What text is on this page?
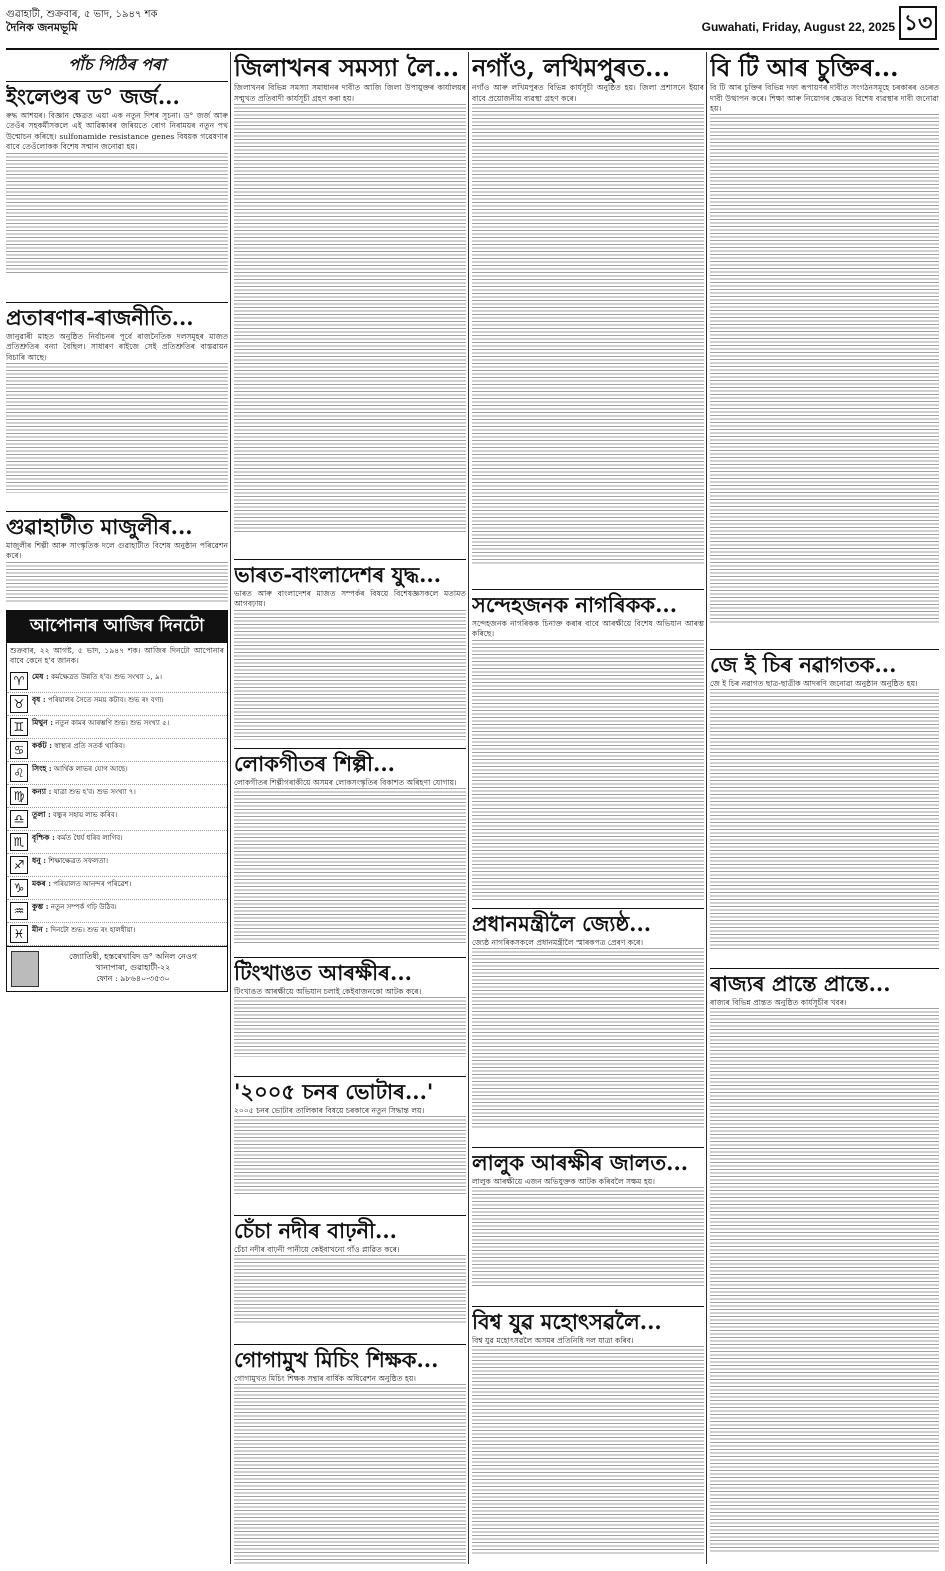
গুৱাহাটী, শুক্ৰবাৰ, ৫ ভাদ, ১৯৪৭ শক
দৈনিক জনমভূমি	Guwahati, Friday, August 22, 2025 ১৩
পাঁচ পিঠিৰ পৰা
ইংলেণ্ডৰ ড° জৰ্জ...
ৰুদ্ধ আশয়ৰ। বিজ্ঞান ক্ষেত্ৰত এয়া এক নতুন দিশৰ সূচনা। ড° জৰ্জ আৰু তেওঁৰ সহকৰ্মীসকলে এই আৱিষ্কাৰৰ জৰিয়তে ৰোগ নিৰাময়ৰ নতুন পথ উন্মোচন কৰিছে। sulfonamide resistance genes বিষয়ক গৱেষণাৰ বাবে তেওঁলোকক বিশেষ সন্মান জনোৱা হয়।
প্ৰতাৰণাৰ-ৰাজনীতি...
জানুৱাৰী মাহত অনুষ্ঠিত নিৰ্বাচনৰ পূৰ্বে ৰাজনৈতিক দলসমূহৰ মাজত প্ৰতিশ্ৰুতিৰ বন্যা বৈছিল। সাধাৰণ ৰাইজে সেই প্ৰতিশ্ৰুতিৰ বাস্তৱায়ন বিচাৰি আছে।
গুৱাহাটীত মাজুলীৰ...
মাজুলীৰ শিল্পী আৰু সাংস্কৃতিক দলে গুৱাহাটীত বিশেষ অনুষ্ঠান পৰিৱেশন কৰে।
আপোনাৰ আজিৰ দিনটো
শুক্ৰবাৰ, ২২ আগষ্ট, ৫ ভাদ, ১৯৪৭ শক। আজিৰ দিনটো আপোনাৰ বাবে কেনে হ'ব জানক।
♈	মেষ : কৰ্মক্ষেত্ৰত উন্নতি হ'ব। শুভ সংখ্যা ১, ৯।
♉	বৃষ : পৰিয়ালৰ সৈতে সময় কটাব। শুভ ৰং বগা।
♊	মিথুন : নতুন কামৰ আৰম্ভণি শুভ। শুভ সংখ্যা ৫।
♋	কৰ্কট : স্বাস্থ্যৰ প্ৰতি সতৰ্ক থাকিব।
♌	সিংহ : আৰ্থিক লাভৰ যোগ আছে।
♍	কন্যা : যাত্ৰা শুভ হ'ব। শুভ সংখ্যা ৭।
♎	তুলা : বন্ধুৰ সহায় লাভ কৰিব।
♏	বৃশ্চিক : কৰ্মত ধৈৰ্য ধৰিব লাগিব।
♐	ধনু : শিক্ষাক্ষেত্ৰত সফলতা।
♑	মকৰ : পৰিয়ালত আনন্দৰ পৰিৱেশ।
♒	কুম্ভ : নতুন সম্পৰ্ক গঢ়ি উঠিব।
♓	মীন : দিনটো শুভ। শুভ ৰং হালধীয়া।
জ্যোতিষী, হস্তৰেখাবিদ ড° অনিল নেওগ
খানাপাৰা, গুৱাহাটী-২২
ফোন : ৯৮৬৪০-৩৫৩০
জিলাখনৰ সমস্যা লৈ...
জিলাখনৰ বিভিন্ন সমস্যা সমাধানৰ দাবীত আজি জিলা উপায়ুক্তৰ কাৰ্যালয়ৰ সন্মুখত প্ৰতিবাদী কাৰ্যসূচী গ্ৰহণ কৰা হয়।
ভাৰত-বাংলাদেশৰ যুদ্ধ...
ভাৰত আৰু বাংলাদেশৰ মাজত সম্পৰ্কৰ বিষয়ে বিশেষজ্ঞসকলে মতামত আগবঢ়ায়।
লোকগীতৰ শিল্পী...
লোকগীতৰ শিল্পীগৰাকীয়ে অসমৰ লোকসংস্কৃতিৰ বিকাশত অৰিহণা যোগায়।
টিংখাঙত আৰক্ষীৰ...
টিংখাঙত আৰক্ষীয়ে অভিযান চলাই কেইবাজনকো আটক কৰে।
'২০০৫ চনৰ ভোটাৰ...'
২০০৫ চনৰ ভোটাৰ তালিকাৰ বিষয়ে চৰকাৰে নতুন সিদ্ধান্ত লয়।
চেঁচা নদীৰ বাঢ়নী...
চেঁচা নদীৰ বাঢ়নী পানীয়ে কেইবাখনো গাঁও প্লাৱিত কৰে।
গোগামুখ মিচিং শিক্ষক...
গোগামুখত মিচিং শিক্ষক সন্থাৰ বাৰ্ষিক অধিৱেশন অনুষ্ঠিত হয়।
নগাঁও, লখিমপুৰত...
নগাঁও আৰু লখিমপুৰত বিভিন্ন কাৰ্যসূচী অনুষ্ঠিত হয়। জিলা প্ৰশাসনে ইয়াৰ বাবে প্ৰয়োজনীয় ব্যৱস্থা গ্ৰহণ কৰে।
সন্দেহজনক নাগৰিকক...
সন্দেহজনক নাগৰিকক চিনাক্ত কৰাৰ বাবে আৰক্ষীয়ে বিশেষ অভিযান আৰম্ভ কৰিছে।
প্ৰধানমন্ত্ৰীলৈ জ্যেষ্ঠ...
জ্যেষ্ঠ নাগৰিকসকলে প্ৰধানমন্ত্ৰীলৈ স্মাৰকপত্ৰ প্ৰেৰণ কৰে।
লালুক আৰক্ষীৰ জালত...
লালুক আৰক্ষীয়ে এজন অভিযুক্তক আটক কৰিবলৈ সক্ষম হয়।
বিশ্ব যুৱ মহোৎসৱলৈ...
বিশ্ব যুৱ মহোৎসৱলৈ অসমৰ প্ৰতিনিধি দল যাত্ৰা কৰিব।
বি টি আৰ চুক্তিৰ...
বি টি আৰ চুক্তিৰ বিভিন্ন দফা ৰূপায়ণৰ দাবীত সংগঠনসমূহে চৰকাৰৰ ওচৰত দাবী উত্থাপন কৰে। শিক্ষা আৰু নিয়োগৰ ক্ষেত্ৰত বিশেষ ব্যৱস্থাৰ দাবী জনোৱা হয়।
জে ই চিৰ নৱাগতক...
জে ই চিৰ নৱাগত ছাত্ৰ-ছাত্ৰীক আদৰণি জনোৱা অনুষ্ঠান অনুষ্ঠিত হয়।
ৰাজ্যৰ প্ৰান্তে প্ৰান্তে...
ৰাজ্যৰ বিভিন্ন প্ৰান্তত অনুষ্ঠিত কাৰ্যসূচীৰ খবৰ।
